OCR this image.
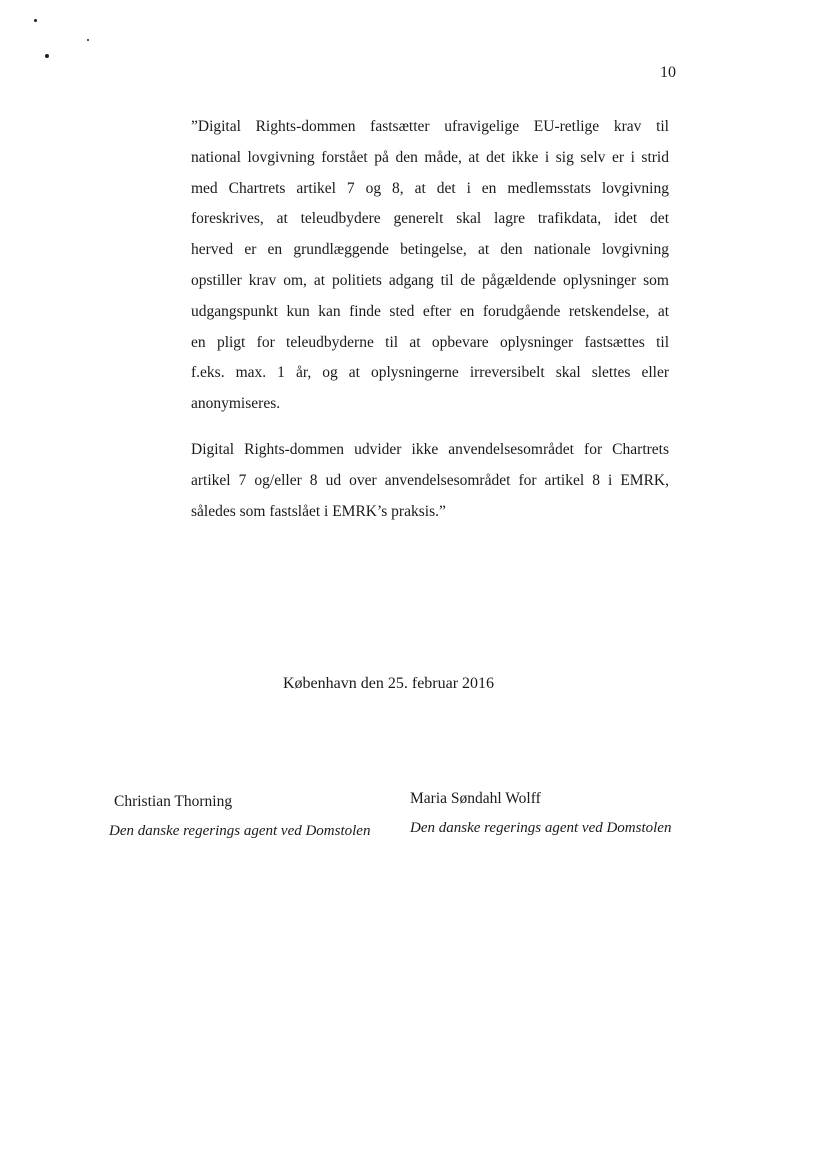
10
”Digital Rights-dommen fastsætter ufravigelige EU-retlige krav til
national lovgivning forstået på den måde, at det ikke i sig selv er i strid
med Chartrets artikel 7 og 8, at det i en medlemsstats lovgivning
foreskrives, at teleudbydere generelt skal lagre trafikdata, idet det
herved er en grundlæggende betingelse, at den nationale lovgivning
opstiller krav om, at politiets adgang til de pågældende oplysninger som
udgangspunkt kun kan finde sted efter en forudgående retskendelse, at
en pligt for teleudbyderne til at opbevare oplysninger fastsættes til
f.eks. max. 1 år, og at oplysningerne irreversibelt skal slettes eller
anonymiseres.
Digital Rights-dommen udvider ikke anvendelsesområdet for Chartrets
artikel 7 og/eller 8 ud over anvendelsesområdet for artikel 8 i EMRK,
således som fastslået i EMRK’s praksis.”
København den 25. februar 2016
Christian Thorning
Den danske regerings agent ved Domstolen
Maria Søndahl Wolff
Den danske regerings agent ved Domstolen
